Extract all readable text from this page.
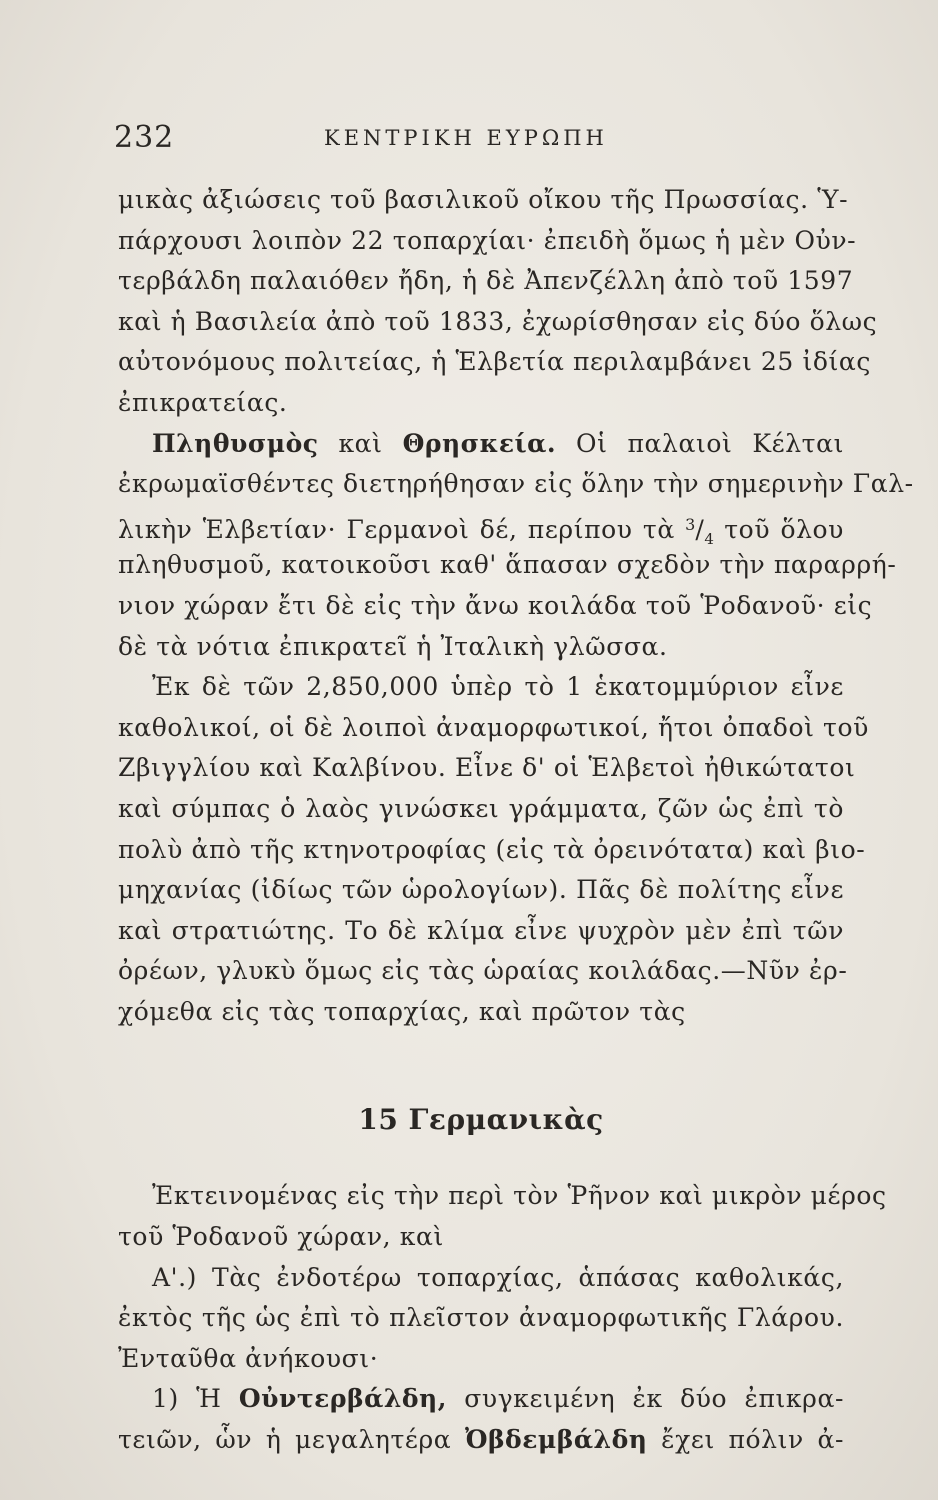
232	ΚΕΝΤΡΙΚΗ ΕΥΡΩΠΗ
μικὰς ἀξιώσεις τοῦ βασιλικοῦ οἴκου τῆς Πρωσσίας. Ὑ-
πάρχουσι λοιπὸν 22 τοπαρχίαι· ἐπειδὴ ὅμως ἡ μὲν Οὐν-
τερβάλδη παλαιόθεν ἤδη, ἡ δὲ Ἀπενζέλλη ἀπὸ τοῦ 1597
καὶ ἡ Βασιλεία ἀπὸ τοῦ 1833, ἐχωρίσθησαν εἰς δύο ὅλως
αὐτονόμους πολιτείας, ἡ Ἑλβετία περιλαμβάνει 25 ἰδίας
ἐπικρατείας.
Πληθυσμὸς καὶ Θρησκεία. Οἱ παλαιοὶ Κέλται
ἐκρωμαϊσθέντες διετηρήθησαν εἰς ὅλην τὴν σημερινὴν Γαλ-
λικὴν Ἑλβετίαν· Γερμανοὶ δέ, περίπου τὰ $^3/_4$ τοῦ ὅλου
πληθυσμοῦ, κατοικοῦσι καθ' ἅπασαν σχεδὸν τὴν παραρρή-
νιον χώραν ἔτι δὲ εἰς τὴν ἄνω κοιλάδα τοῦ Ῥοδανοῦ· εἰς
δὲ τὰ νότια ἐπικρατεῖ ἡ Ἰταλικὴ γλῶσσα.
Ἐκ δὲ τῶν 2,850,000 ὑπὲρ τὸ 1 ἑκατομμύριον εἶνε
καθολικοί, οἱ δὲ λοιποὶ ἀναμορφωτικοί, ἤτοι ὀπαδοὶ τοῦ
Ζβιγγλίου καὶ Καλβίνου. Εἶνε δ' οἱ Ἑλβετοὶ ἠθικώτατοι
καὶ σύμπας ὁ λαὸς γινώσκει γράμματα, ζῶν ὡς ἐπὶ τὸ
πολὺ ἀπὸ τῆς κτηνοτροφίας (εἰς τὰ ὀρεινότατα) καὶ βιο-
μηχανίας (ἰδίως τῶν ὡρολογίων). Πᾶς δὲ πολίτης εἶνε
καὶ στρατιώτης. Το δὲ κλίμα εἶνε ψυχρὸν μὲν ἐπὶ τῶν
ὀρέων, γλυκὺ ὅμως εἰς τὰς ὡραίας κοιλάδας.—Νῦν ἐρ-
χόμεθα εἰς τὰς τοπαρχίας, καὶ πρῶτον τὰς
15 Γερμανικὰς
Ἐκτεινομένας εἰς τὴν περὶ τὸν Ῥῆνον καὶ μικρὸν μέρος
τοῦ Ῥοδανοῦ χώραν, καὶ
Α'.) Τὰς ἐνδοτέρω τοπαρχίας, ἁπάσας καθολικάς,
ἐκτὸς τῆς ὡς ἐπὶ τὸ πλεῖστον ἀναμορφωτικῆς Γλάρου.
Ἐνταῦθα ἀνήκουσι·
1) Ἡ Οὐντερβάλδη, συγκειμένη ἐκ δύο ἐπικρα-
τειῶν, ὧν ἡ μεγαλητέρα Ὀβδεμβάλδη ἔχει πόλιν ἀ-
